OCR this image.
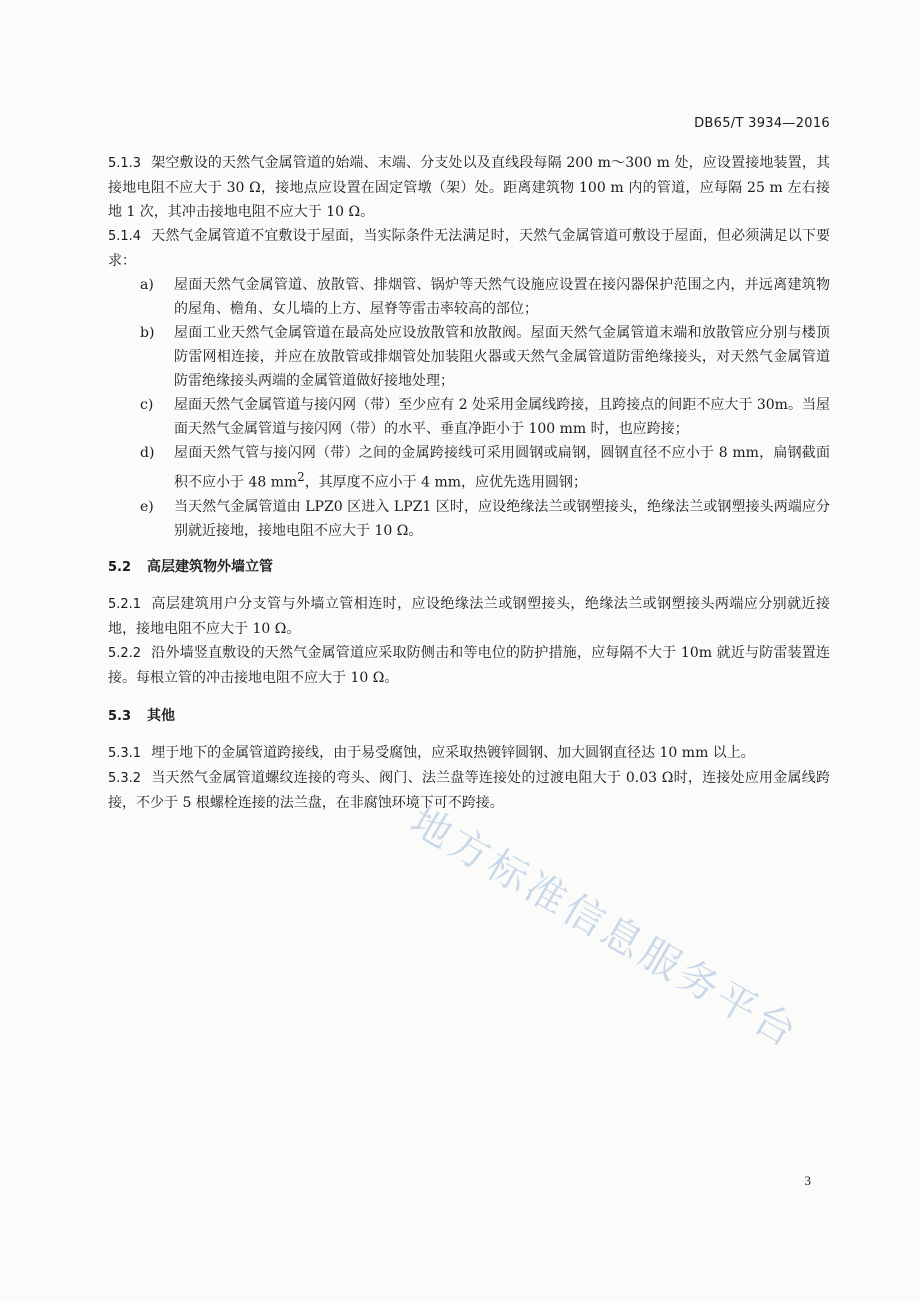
DB65/T 3934—2016

5.1.3 架空敷设的天然气金属管道的始端、末端、分支处以及直线段每隔 200 m～300 m 处，应设置接地装置，其接地电阻不应大于 30 Ω，接地点应设置在固定管墩（架）处。距离建筑物 100 m 内的管道，应每隔 25 m 左右接地 1 次，其冲击接地电阻不应大于 10 Ω。

5.1.4 天然气金属管道不宜敷设于屋面，当实际条件无法满足时，天然气金属管道可敷设于屋面，但必须满足以下要求：

a) 屋面天然气金属管道、放散管、排烟管、锅炉等天然气设施应设置在接闪器保护范围之内，并远离建筑物的屋角、檐角、女儿墙的上方、屋脊等雷击率较高的部位；
b) 屋面工业天然气金属管道在最高处应设放散管和放散阀。屋面天然气金属管道末端和放散管应分别与楼顶防雷网相连接，并应在放散管或排烟管处加装阻火器或天然气金属管道防雷绝缘接头，对天然气金属管道防雷绝缘接头两端的金属管道做好接地处理；
c) 屋面天然气金属管道与接闪网（带）至少应有 2 处采用金属线跨接，且跨接点的间距不应大于 30m。当屋面天然气金属管道与接闪网（带）的水平、垂直净距小于 100 mm 时，也应跨接；
d) 屋面天然气管与接闪网（带）之间的金属跨接线可采用圆钢或扁钢，圆钢直径不应小于 8 mm，扁钢截面积不应小于 48 $mm^2$，其厚度不应小于 4 mm，应优先选用圆钢；
e) 当天然气金属管道由 LPZ0 区进入 LPZ1 区时，应设绝缘法兰或钢塑接头，绝缘法兰或钢塑接头两端应分别就近接地，接地电阻不应大于 10 Ω。
5.2 高层建筑物外墙立管

5.2.1 高层建筑用户分支管与外墙立管相连时，应设绝缘法兰或钢塑接头，绝缘法兰或钢塑接头两端应分别就近接地，接地电阻不应大于 10 Ω。

5.2.2 沿外墙竖直敷设的天然气金属管道应采取防侧击和等电位的防护措施，应每隔不大于 10m 就近与防雷装置连接。每根立管的冲击接地电阻不应大于 10 Ω。

5.3 其他

5.3.1 埋于地下的金属管道跨接线，由于易受腐蚀，应采取热镀锌圆钢、加大圆钢直径达 10 mm 以上。

5.3.2 当天然气金属管道螺纹连接的弯头、阀门、法兰盘等连接处的过渡电阻大于 0.03 Ω时，连接处应用金属线跨接，不少于 5 根螺栓连接的法兰盘，在非腐蚀环境下可不跨接。

地方标准信息服务平台
3
